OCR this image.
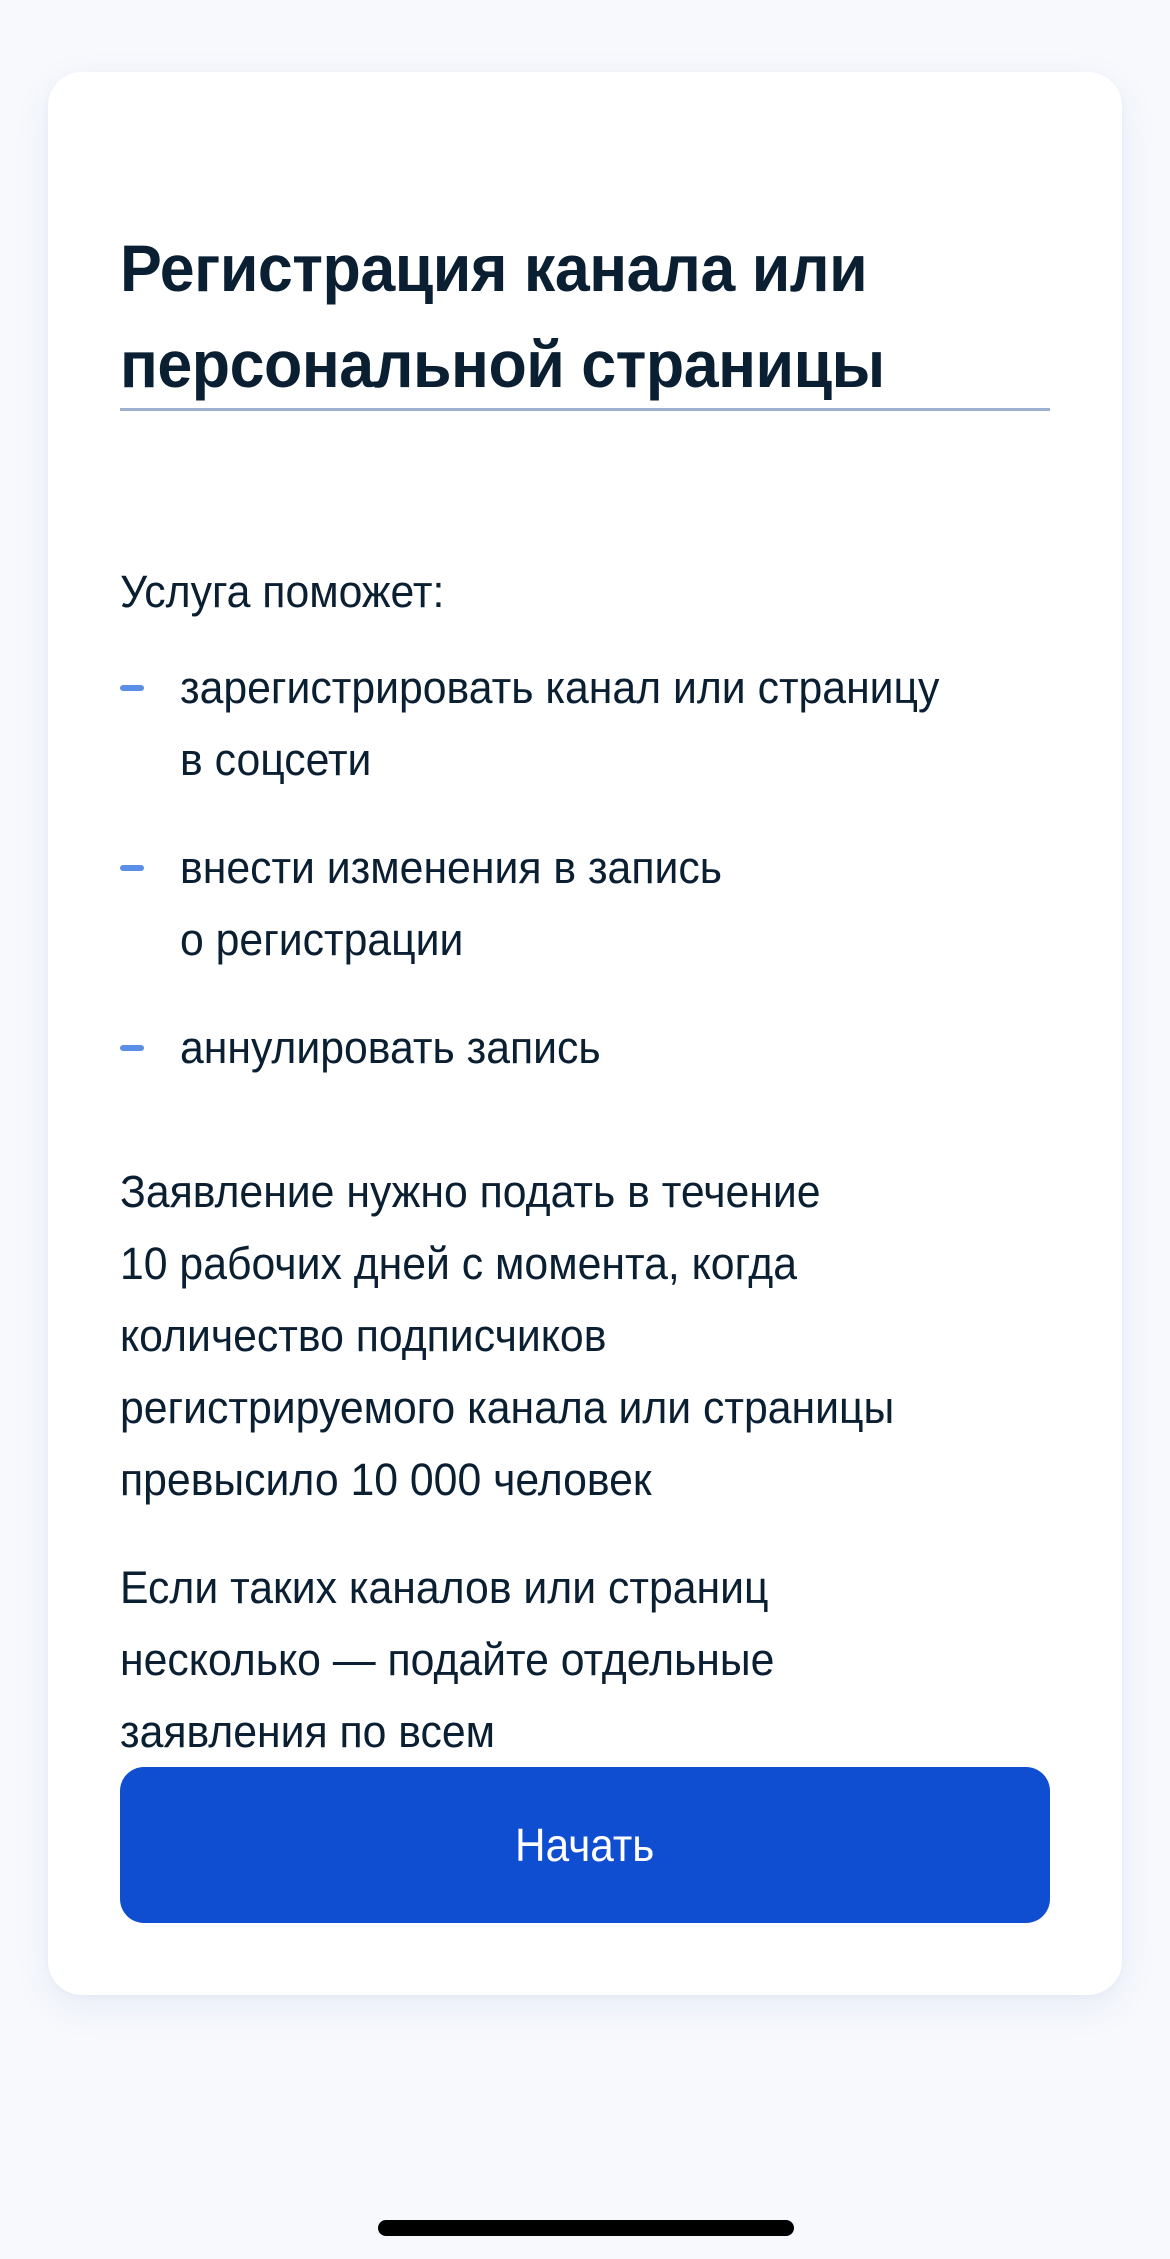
Регистрация канала или
персональной страницы
Услуга поможет:
зарегистрировать канал или страницу
в соцсети
внести изменения в запись
о регистрации
аннулировать запись
Заявление нужно подать в течение
10 рабочих дней с момента, когда
количество подписчиков
регистрируемого канала или страницы
превысило 10 000 человек
Если таких каналов или страниц
несколько — подайте отдельные
заявления по всем
Начать
